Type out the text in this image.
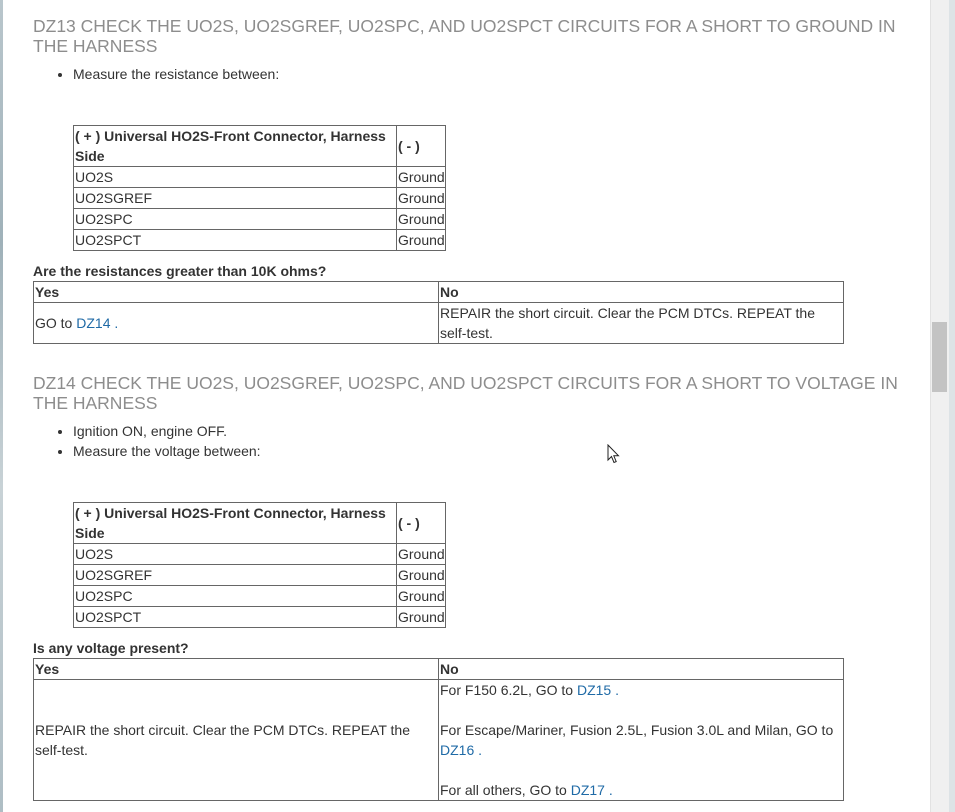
DZ13 CHECK THE UO2S, UO2SGREF, UO2SPC, AND UO2SPCT CIRCUITS FOR A SHORT TO GROUND IN THE HARNESS
• Measure the resistance between:
( + ) Universal HO2S-Front Connector, Harness Side	( - )
UO2S	Ground
UO2SGREF	Ground
UO2SPC	Ground
UO2SPCT	Ground

Are the resistances greater than 10K ohms?

Yes	No
GO to DZ14 .	REPAIR the short circuit. Clear the PCM DTCs. REPEAT the self-test.
DZ14 CHECK THE UO2S, UO2SGREF, UO2SPC, AND UO2SPCT CIRCUITS FOR A SHORT TO VOLTAGE IN THE HARNESS
• Ignition ON, engine OFF.
• Measure the voltage between:
( + ) Universal HO2S-Front Connector, Harness Side	( - )
UO2S	Ground
UO2SGREF	Ground
UO2SPC	Ground
UO2SPCT	Ground

Is any voltage present?

Yes	No
REPAIR the short circuit. Clear the PCM DTCs. REPEAT the self-test.	For F150 6.2L, GO to DZ15 .
For Escape/Mariner, Fusion 2.5L, Fusion 3.0L and Milan, GO to DZ16 .
For all others, GO to DZ17 .
